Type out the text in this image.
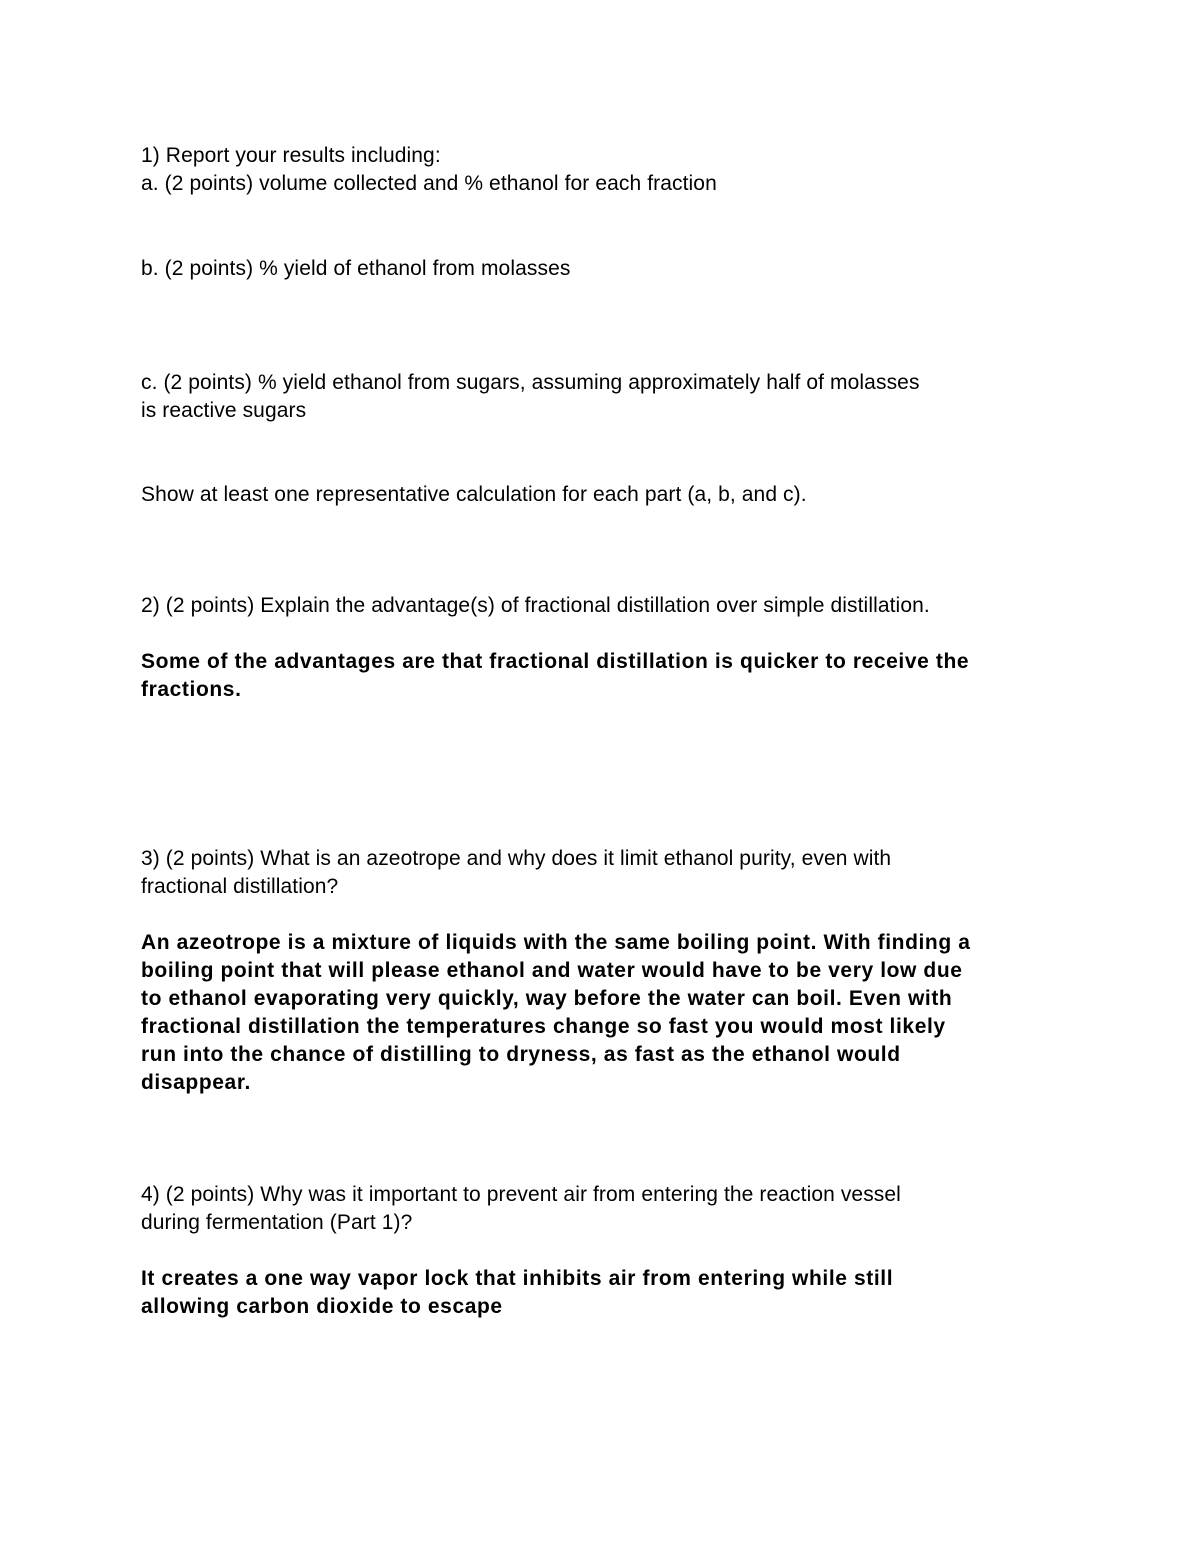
1) Report your results including:
a. (2 points) volume collected and % ethanol for each fraction
b. (2 points) % yield of ethanol from molasses
c. (2 points) % yield ethanol from sugars, assuming approximately half of molasses
is reactive sugars
Show at least one representative calculation for each part (a, b, and c).
2) (2 points) Explain the advantage(s) of fractional distillation over simple distillation.
Some of the advantages are that fractional distillation is quicker to receive the
fractions.
3) (2 points) What is an azeotrope and why does it limit ethanol purity, even with
fractional distillation?
An azeotrope is a mixture of liquids with the same boiling point. With finding a
boiling point that will please ethanol and water would have to be very low due
to ethanol evaporating very quickly, way before the water can boil. Even with
fractional distillation the temperatures change so fast you would most likely
run into the chance of distilling to dryness, as fast as the ethanol would
disappear.
4) (2 points) Why was it important to prevent air from entering the reaction vessel
during fermentation (Part 1)?
It creates a one way vapor lock that inhibits air from entering while still
allowing carbon dioxide to escape
